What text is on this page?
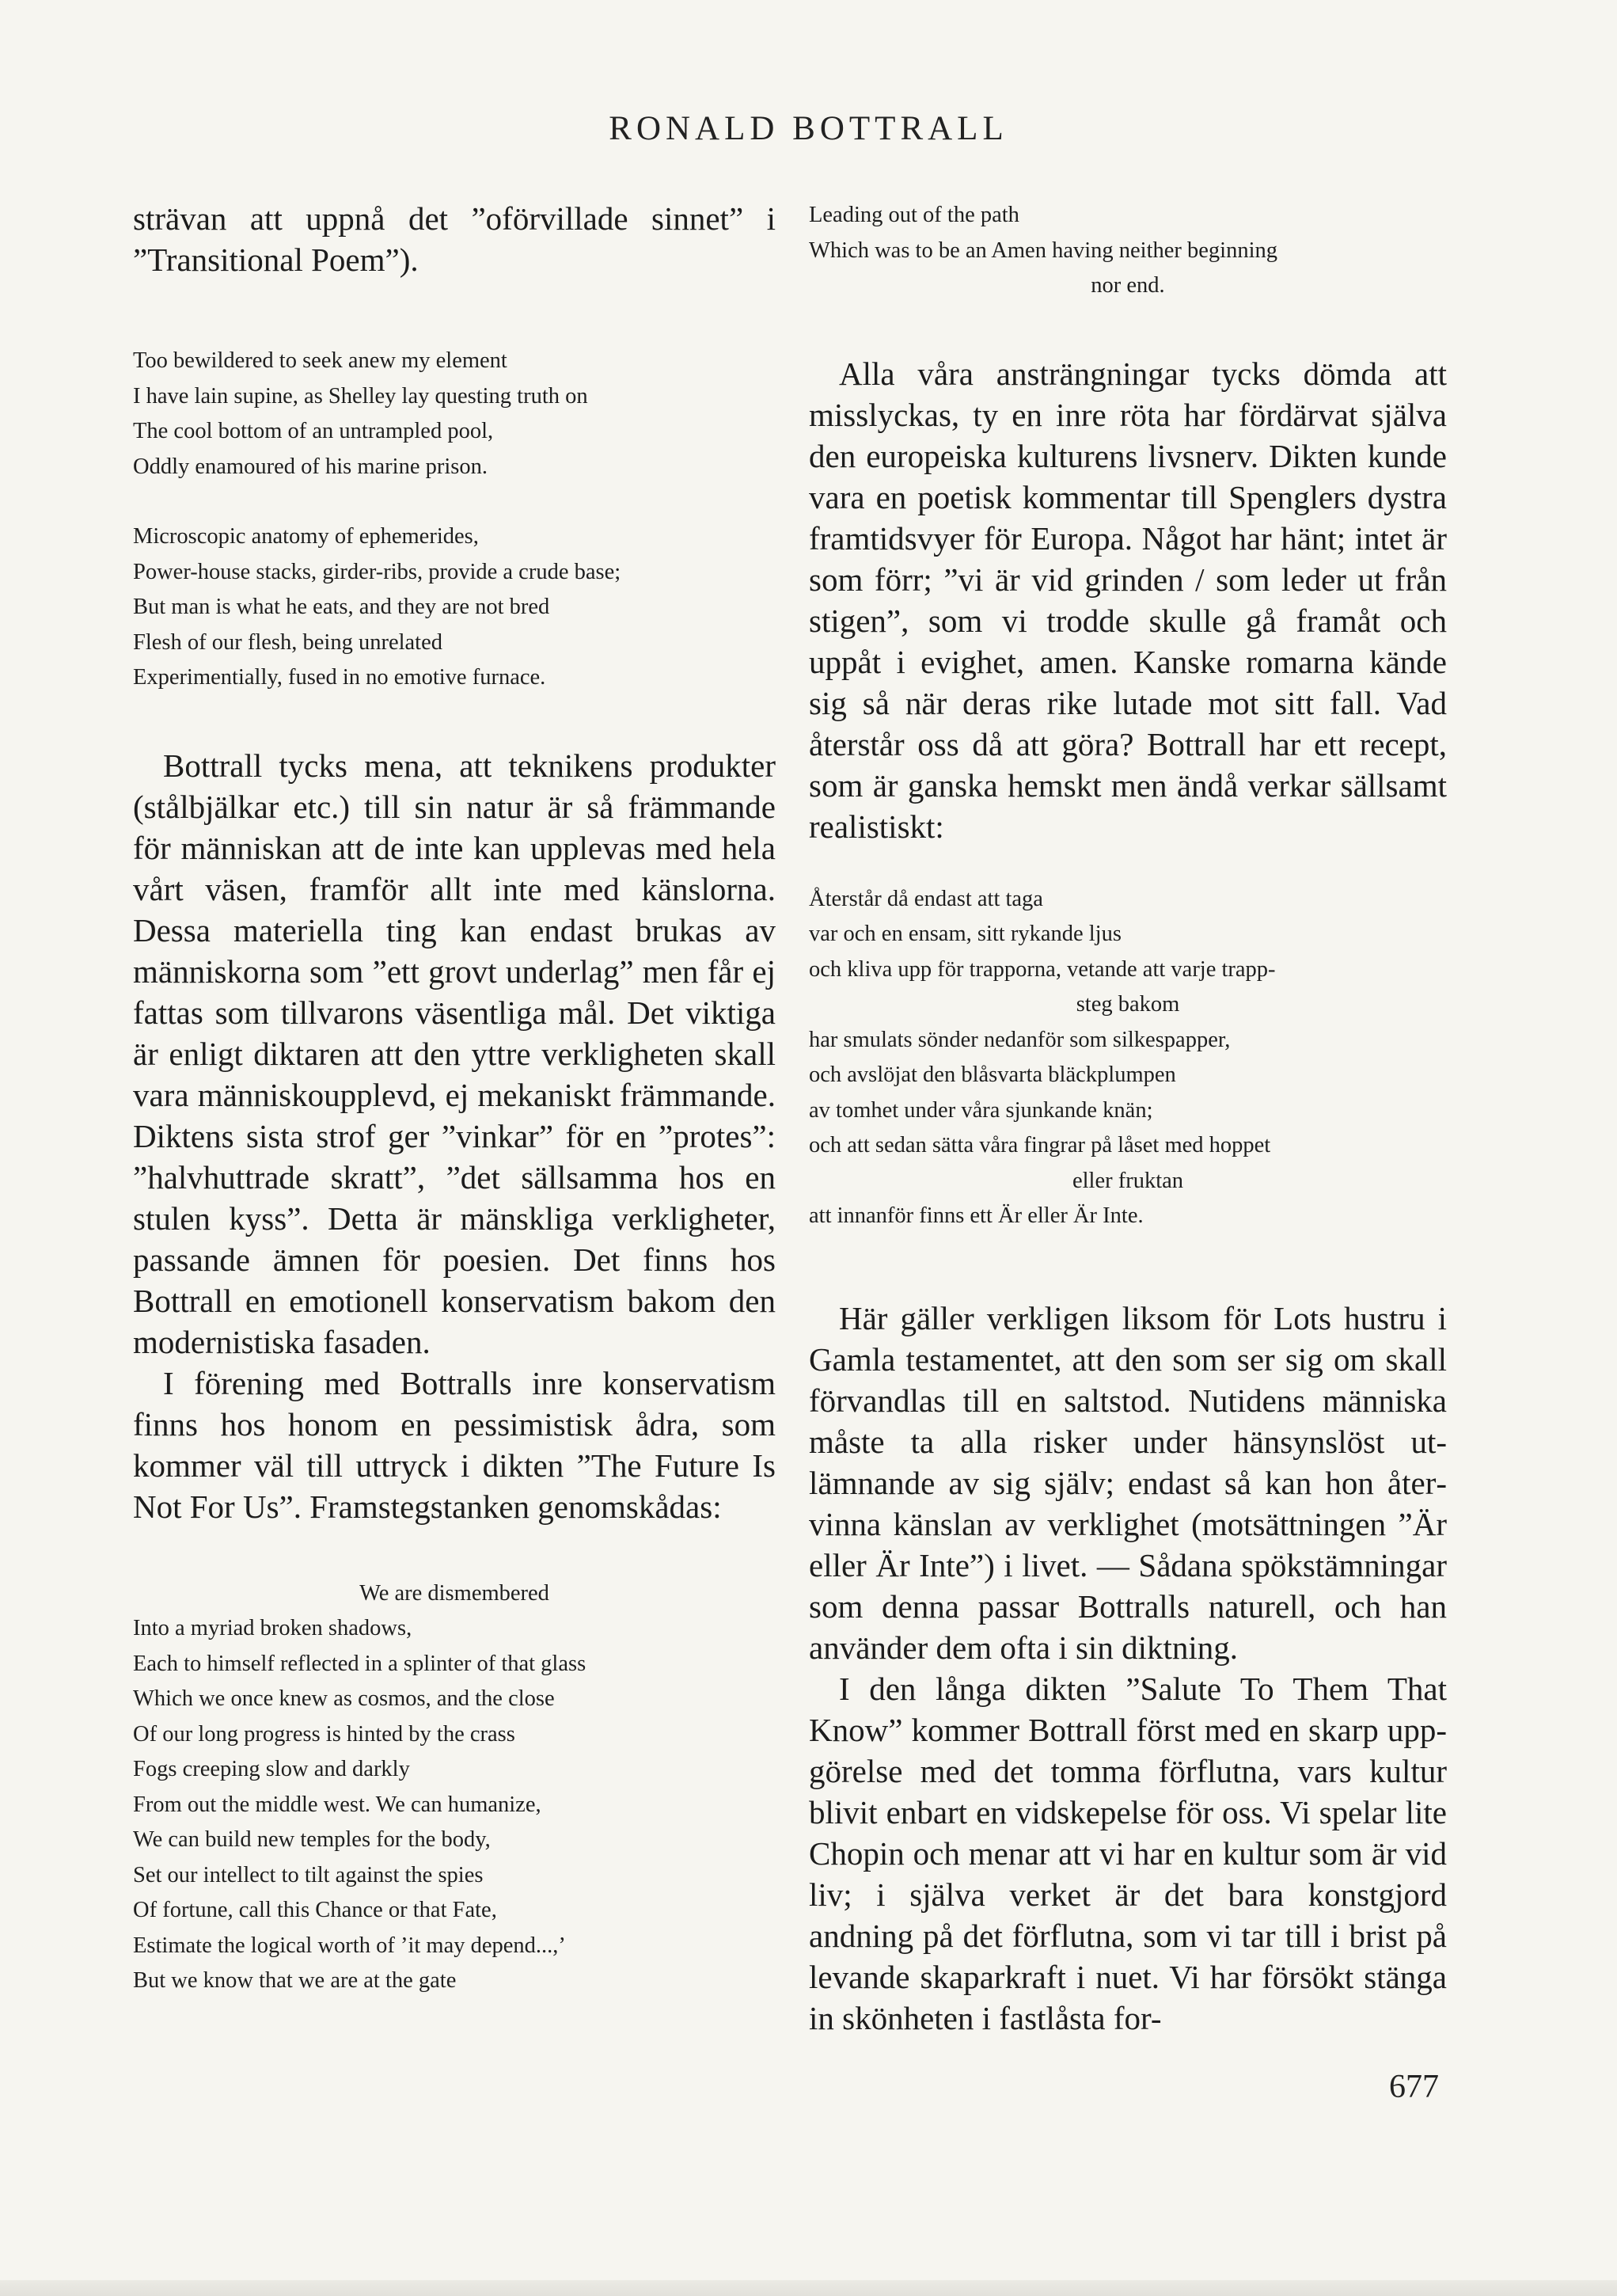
RONALD BOTTRALL

strävan att uppnå det ”oförvillade sinnet” i ”Transitional Poem”).

Too bewildered to seek anew my element
I have lain supine, as Shelley lay questing truth on
The cool bottom of an untrampled pool,
Oddly enamoured of his marine prison.
Microscopic anatomy of ephemerides,
Power-house stacks, girder-ribs, provide a crude base;
But man is what he eats, and they are not bred
Flesh of our flesh, being unrelated
Experimentially, fused in no emotive furnace.

Bottrall tycks mena, att teknikens produkter (stålbjälkar etc.) till sin natur är så främmande för människan att de inte kan upplevas med hela vårt väsen, framför allt inte med känslorna. Dessa materiella ting kan endast brukas av människorna som ”ett grovt underlag” men får ej fattas som tillvarons väsentliga mål. Det viktiga är enligt diktaren att den yttre verkligheten skall vara människoupplevd, ej mekaniskt främmande. Diktens sista strof ger ”vinkar” för en ”protes”: ”halvhuttrade skratt”, ”det sällsamma hos en stulen kyss”. Detta är mänskliga verkligheter, passande ämnen för poesien. Det finns hos Bottrall en emotionell konservatism bakom den modernistiska fasaden.

I förening med Bottralls inre konservatism finns hos honom en pessimistisk ådra, som kommer väl till uttryck i dikten ”The Future Is Not For Us”. Framstegstanken genomskådas:

We are dismembered
Into a myriad broken shadows,
Each to himself reflected in a splinter of that glass
Which we once knew as cosmos, and the close
Of our long progress is hinted by the crass
Fogs creeping slow and darkly
From out the middle west. We can humanize,
We can build new temples for the body,
Set our intellect to tilt against the spies
Of fortune, call this Chance or that Fate,
Estimate the logical worth of ’it may depend...,’
But we know that we are at the gate
Leading out of the path
Which was to be an Amen having neither beginning
nor end.

Alla våra ansträngningar tycks dömda att misslyckas, ty en inre röta har fördärvat själva den europeiska kulturens livsnerv. Dikten kunde vara en poetisk kommentar till Spenglers dystra framtidsvyer för Europa. Något har hänt; intet är som förr; ”vi är vid grinden / som leder ut från stigen”, som vi trodde skulle gå framåt och uppåt i evighet, amen. Kanske romarna kände sig så när deras rike lutade mot sitt fall. Vad återstår oss då att göra? Bottrall har ett recept, som är ganska hemskt men ändå verkar sällsamt realistiskt:

Återstår då endast att taga
var och en ensam, sitt rykande ljus
och kliva upp för trapporna, vetande att varje trapp-
steg bakom
har smulats sönder nedanför som silkespapper,
och avslöjat den blåsvarta bläckplumpen
av tomhet under våra sjunkande knän;
och att sedan sätta våra fingrar på låset med hoppet
eller fruktan
att innanför finns ett Är eller Är Inte.

Här gäller verkligen liksom för Lots hustru i Gamla testamentet, att den som ser sig om skall förvandlas till en saltstod. Nutidens människa måste ta alla risker under hänsynslöst utlämnande av sig själv; endast så kan hon återvinna känslan av verklighet (motsättningen ”Är eller Är Inte”) i livet. — Sådana spökstämningar som denna passar Bottralls naturell, och han använder dem ofta i sin diktning.

I den långa dikten ”Salute To Them That Know” kommer Bottrall först med en skarp uppgörelse med det tomma förflutna, vars kultur blivit enbart en vidskepelse för oss. Vi spelar lite Chopin och menar att vi har en kultur som är vid liv; i själva verket är det bara konstgjord andning på det förflutna, som vi tar till i brist på levande skaparkraft i nuet. Vi har försökt stänga in skönheten i fastlåsta for-

677
